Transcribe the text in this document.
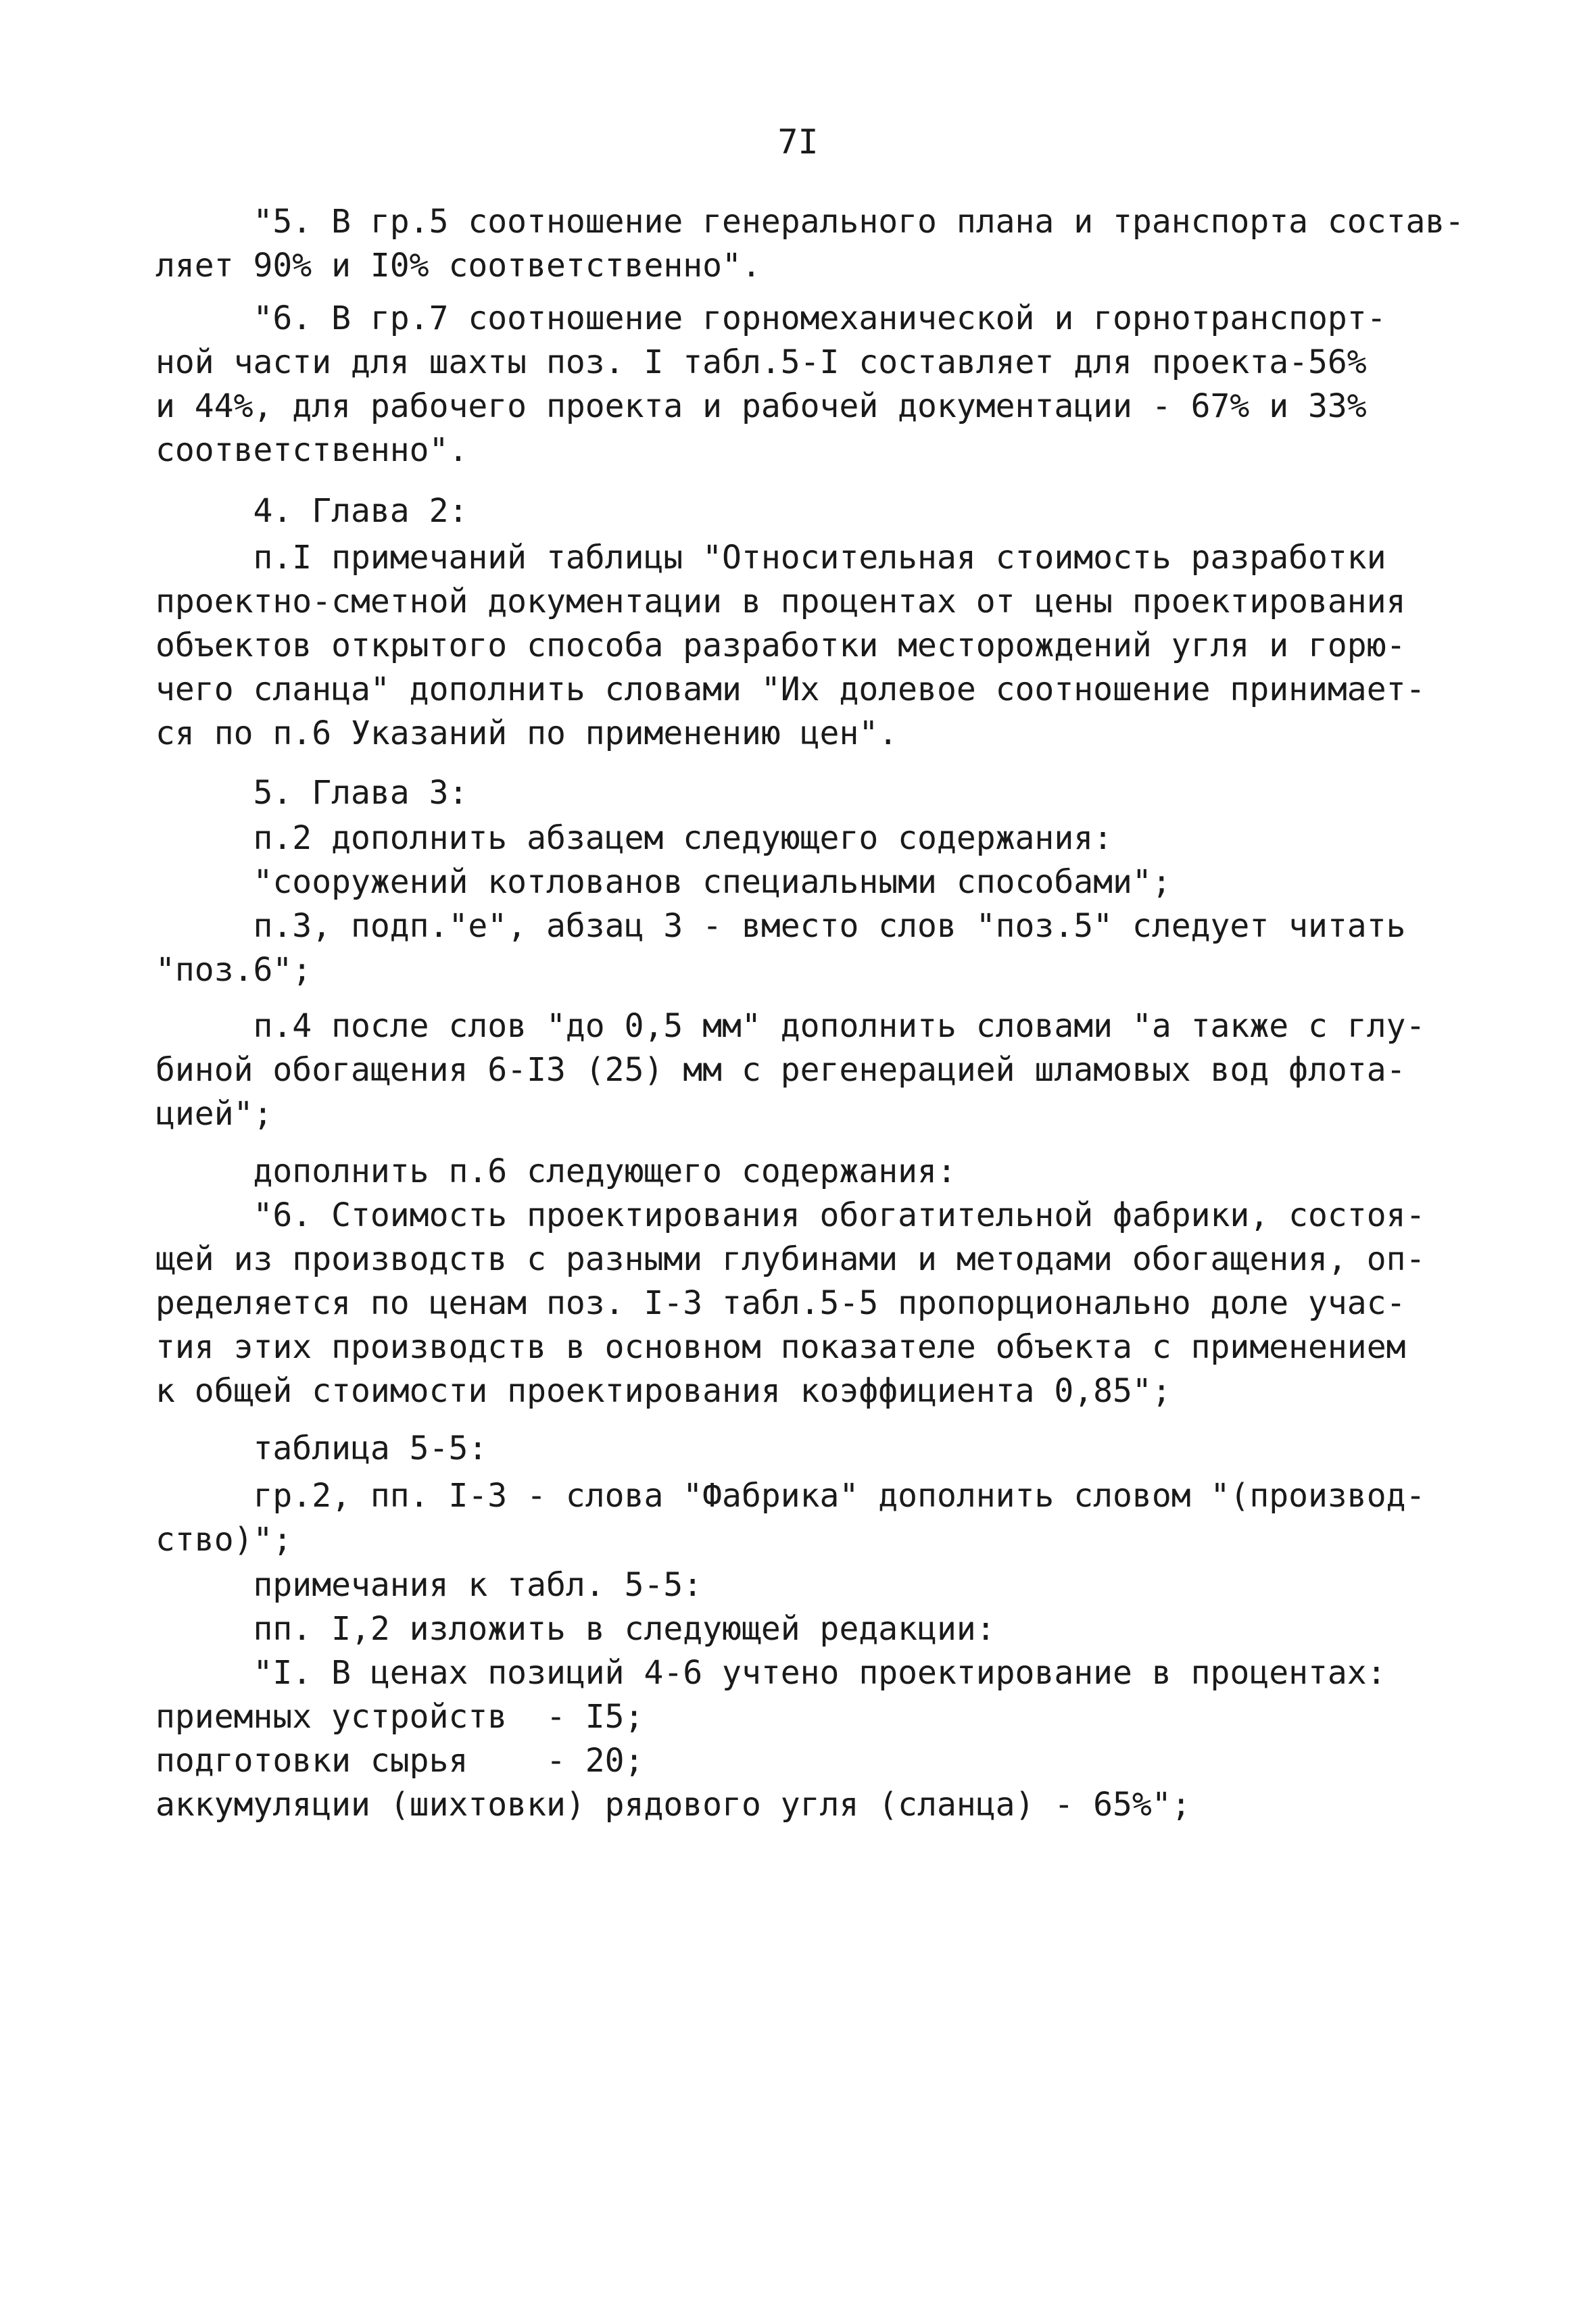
7I
"5. В гр.5 соотношение генерального плана и транспорта состав-
ляет 90% и I0% соответственно".
"6. В гр.7 соотношение горномеханической и горнотранспорт-
ной части для шахты поз. I табл.5-I составляет для проекта-56%
и 44%, для рабочего проекта и рабочей документации - 67% и 33%
соответственно".
4. Глава 2:
п.I примечаний таблицы "Относительная стоимость разработки
проектно-сметной документации в процентах от цены проектирования
объектов открытого способа разработки месторождений угля и горю-
чего сланца" дополнить словами "Их долевое соотношение принимает-
ся по п.6 Указаний по применению цен".
5. Глава 3:
п.2 дополнить абзацем следующего содержания:
"сооружений котлованов специальными способами";
п.3, подп."е", абзац 3 - вместо слов "поз.5" следует читать
"поз.6";
п.4 после слов "до 0,5 мм" дополнить словами "а также с глу-
биной обогащения 6-I3 (25) мм с регенерацией шламовых вод флота-
цией";
дополнить п.6 следующего содержания:
"6. Стоимость проектирования обогатительной фабрики, состоя-
щей из производств с разными глубинами и методами обогащения, оп-
ределяется по ценам поз. I-3 табл.5-5 пропорционально доле учас-
тия этих производств в основном показателе объекта с применением
к общей стоимости проектирования коэффициента 0,85";
таблица 5-5:
гр.2, пп. I-3 - слова "Фабрика" дополнить словом "(производ-
ство)";
примечания к табл. 5-5:
пп. I,2 изложить в следующей редакции:
"I. В ценах позиций 4-6 учтено проектирование в процентах:
приемных устройств  - I5;
подготовки сырья    - 20;
аккумуляции (шихтовки) рядового угля (сланца) - 65%";
